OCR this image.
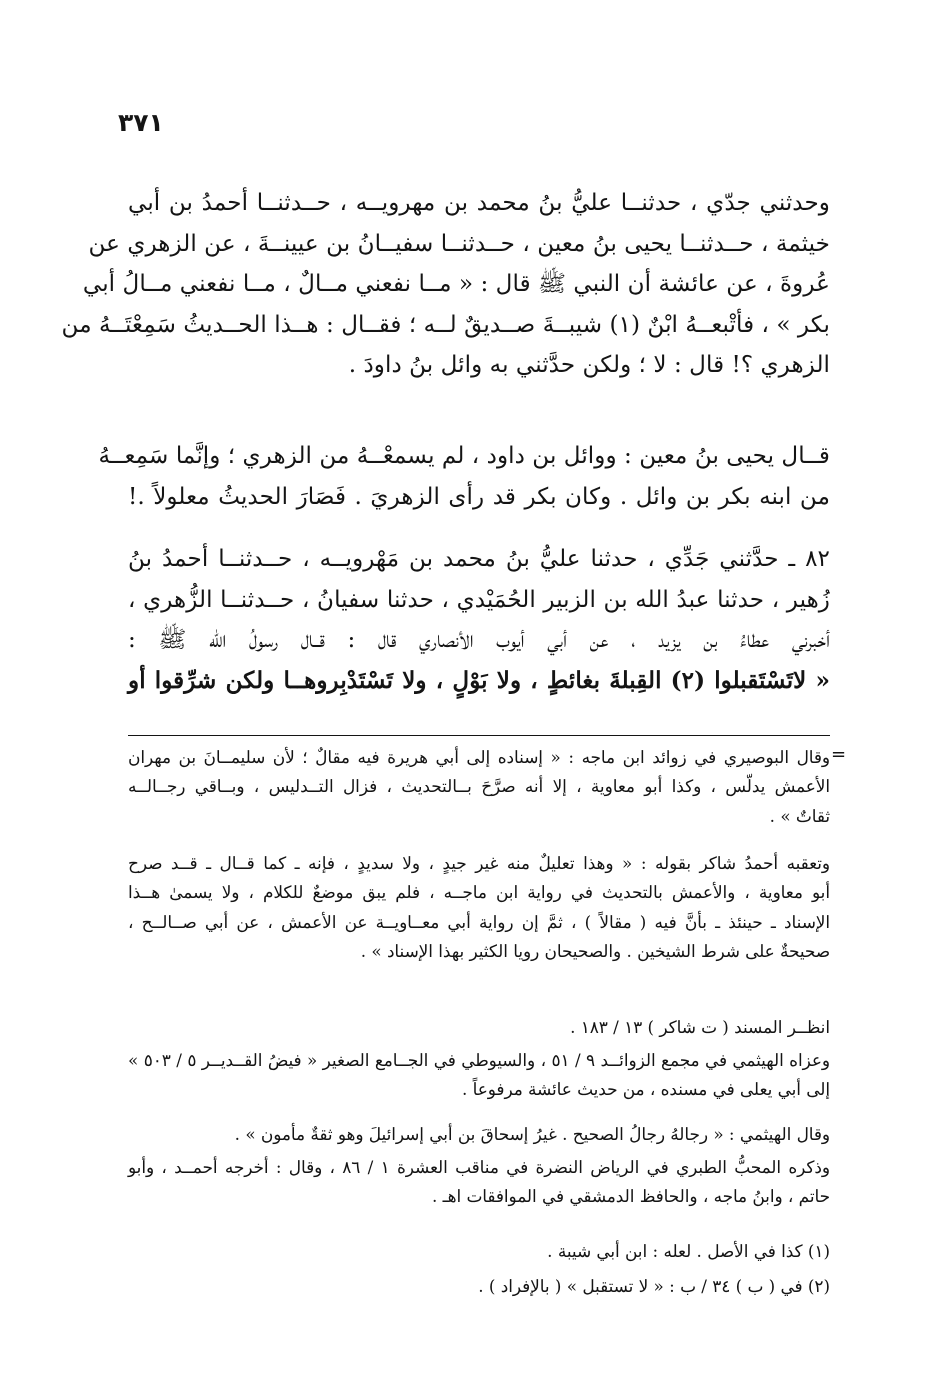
٣٧١
وحدثني جدّي ، حدثنــا عليُّ بنُ محمد بن مهرويــه ، حــدثنــا أحمدُ بن أبي
خيثمة ، حــدثنــا يحيى بنُ معين ، حــدثنــا سفيــانُ بن عيينــةَ ، عن الزهري عن
عُروةَ ، عن عائشة أن النبي ﷺ قال : « مــا نفعني مــالٌ ، مــا نفعني مــالُ أبي
بكر » ، فأتْبعــهُ ابْنٌ (١) شيبــةَ صــديقٌ لــه ؛ فقــال : هــذا الحــديثُ سَمِعْتَــهُ من
الزهري ؟! قال : لا ؛ ولكن حدَّثني به وائل بنُ داودَ .
قــال يحيى بنُ معين : ووائل بن داود ، لم يسمعْــهُ من الزهري ؛ وإنَّما سَمِعــهُ
من ابنه بكر بن وائل . وكان بكر قد رأى الزهريَ . فَصَارَ الحديثُ معلولاً .!
٨٢ ـ حدَّثني جَدِّي ، حدثنا عليُّ بنُ محمد بن مَهْرويــه ، حــدثنــا أحمدُ بنُ
زُهير ، حدثنا عبدُ الله بن الزبير الحُمَيْدي ، حدثنا سفيانُ ، حــدثنــا الزُّهري ،
أخبرني عطاءُ بن يزيد ، عن أبي أيوب الأنصاري قال : قــال رسولُ الله ﷺ :
« لاتَسْتَقبلوا (٢) القِبلةَ بغائطٍ ، ولا بَوْلٍ ، ولا تَسْتَدْبِروهــا ولكن شرِّقوا أو
=
وقال البوصيري في زوائد ابن ماجه : « إسناده إلى أبي هريرة فيه مقالٌ ؛ لأن سليمــانَ بن مهران
الأعمش يدلّس ، وكذا أبو معاوية ، إلا أنه صرَّحَ بــالتحديث ، فزال التــدليس ، وبــاقي رجــالــه
ثقاتٌ » .
وتعقبه أحمدُ شاكر بقوله : « وهذا تعليلٌ منه غير جيدٍ ، ولا سديدٍ ، فإنه ـ كما قــال ـ قــد صرح
أبو معاوية ، والأعمش بالتحديث في رواية ابن ماجــه ، فلم يبق موضعٌ للكلام ، ولا يسمىٰ هــذا
الإسناد ـ حينئذ ـ بأنَّ فيه ( مقالاً ) ، ثمَّ إن رواية أبي معــاويــة عن الأعمش ، عن أبي صــالــح ،
صحيحةٌ على شرط الشيخين . والصحيحان رويا الكثير بهذا الإسناد » .
انظــر المسند ( ت شاكر ) ١٣ / ١٨٣ .
وعزاه الهيثمي في مجمع الزوائــد ٩ / ٥١ ، والسيوطي في الجــامع الصغير « فيضُ القــديــر ٥ / ٥٠٣ »
إلى أبي يعلى في مسنده ، من حديث عائشة مرفوعاً .
وقال الهيثمي : « رجالهُ رجالُ الصحيح . غيرُ إسحاقَ بن أبي إسرائيلَ وهو ثقةٌ مأمون » .
وذكره المحبُّ الطبري في الرياض النضرة في مناقب العشرة ١ / ٨٦ ، وقال : أخرجه أحمــد ، وأبو
حاتم ، وابنُ ماجه ، والحافظ الدمشقي في الموافقات اهـ .
(١) كذا في الأصل . لعله : ابن أبي شيبة .
(٢) في ( ب ) ٣٤ / ب : « لا تستقبل » ( بالإفراد ) .
